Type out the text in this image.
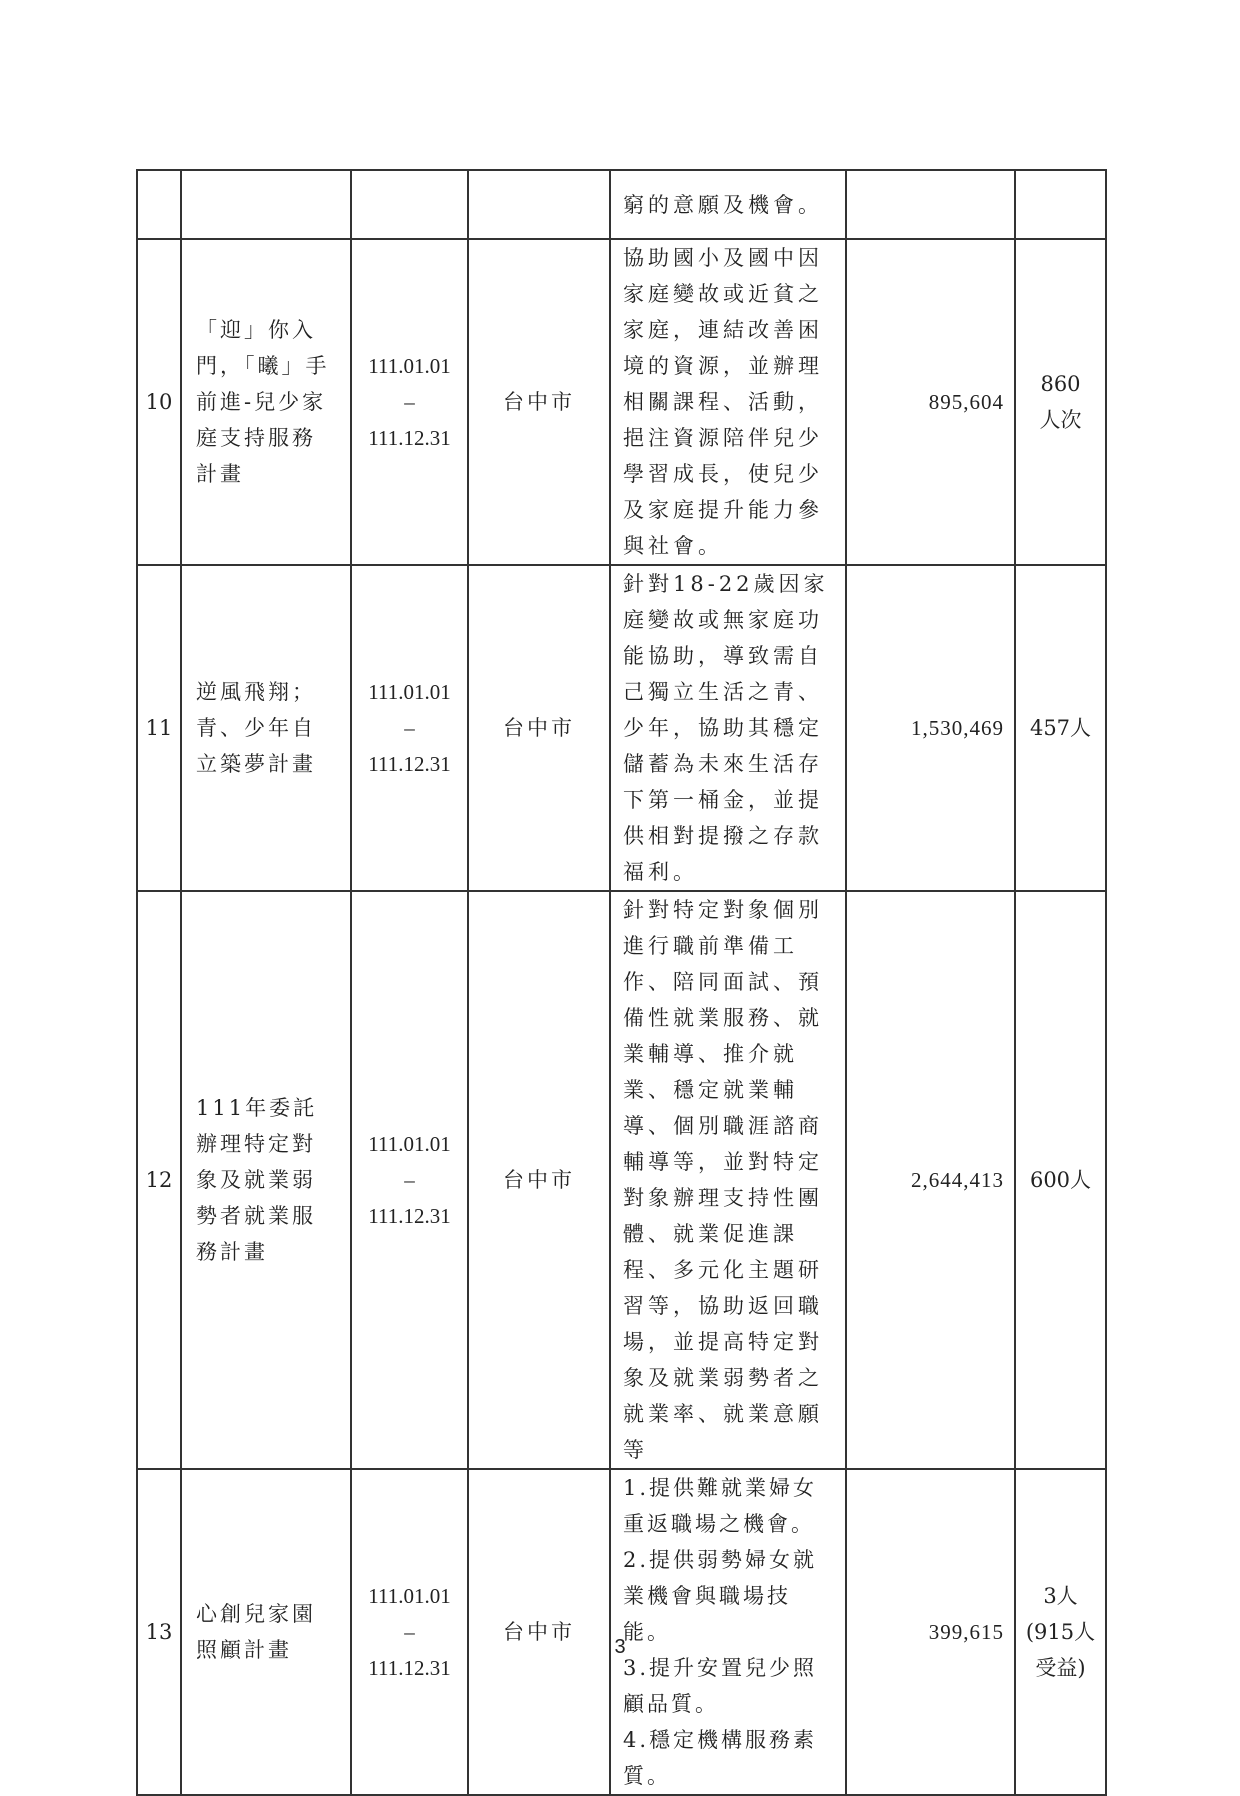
				窮的意願及機會。		
10	「迎」你入門，「曦」手前進-兒少家庭支持服務計畫	111.01.01
–
111.12.31	台中市	協助國小及國中因家庭變故或近貧之家庭，連結改善困境的資源，並辦理相關課程、活動，挹注資源陪伴兒少學習成長，使兒少及家庭提升能力參與社會。	895,604	860 人次
11	逆風飛翔；青、少年自立築夢計畫	111.01.01
–
111.12.31	台中市	針對18-22歲因家庭變故或無家庭功能協助，導致需自己獨立生活之青、少年，協助其穩定儲蓄為未來生活存下第一桶金，並提供相對提撥之存款福利。	1,530,469	457人
12	111年委託辦理特定對象及就業弱勢者就業服務計畫	111.01.01
–
111.12.31	台中市	針對特定對象個別進行職前準備工作、陪同面試、預備性就業服務、就業輔導、推介就業、穩定就業輔導、個別職涯諮商輔導等，並對特定對象辦理支持性團體、就業促進課程、多元化主題研習等，協助返回職場，並提高特定對象及就業弱勢者之就業率、就業意願等	2,644,413	600人
13	心創兒家園照顧計畫	111.01.01
–
111.12.31	台中市	1.提供難就業婦女重返職場之機會。
2.提供弱勢婦女就業機會與職場技能。
3.提升安置兒少照顧品質。
4.穩定機構服務素質。	399,615	3人
(915人
受益)
3
